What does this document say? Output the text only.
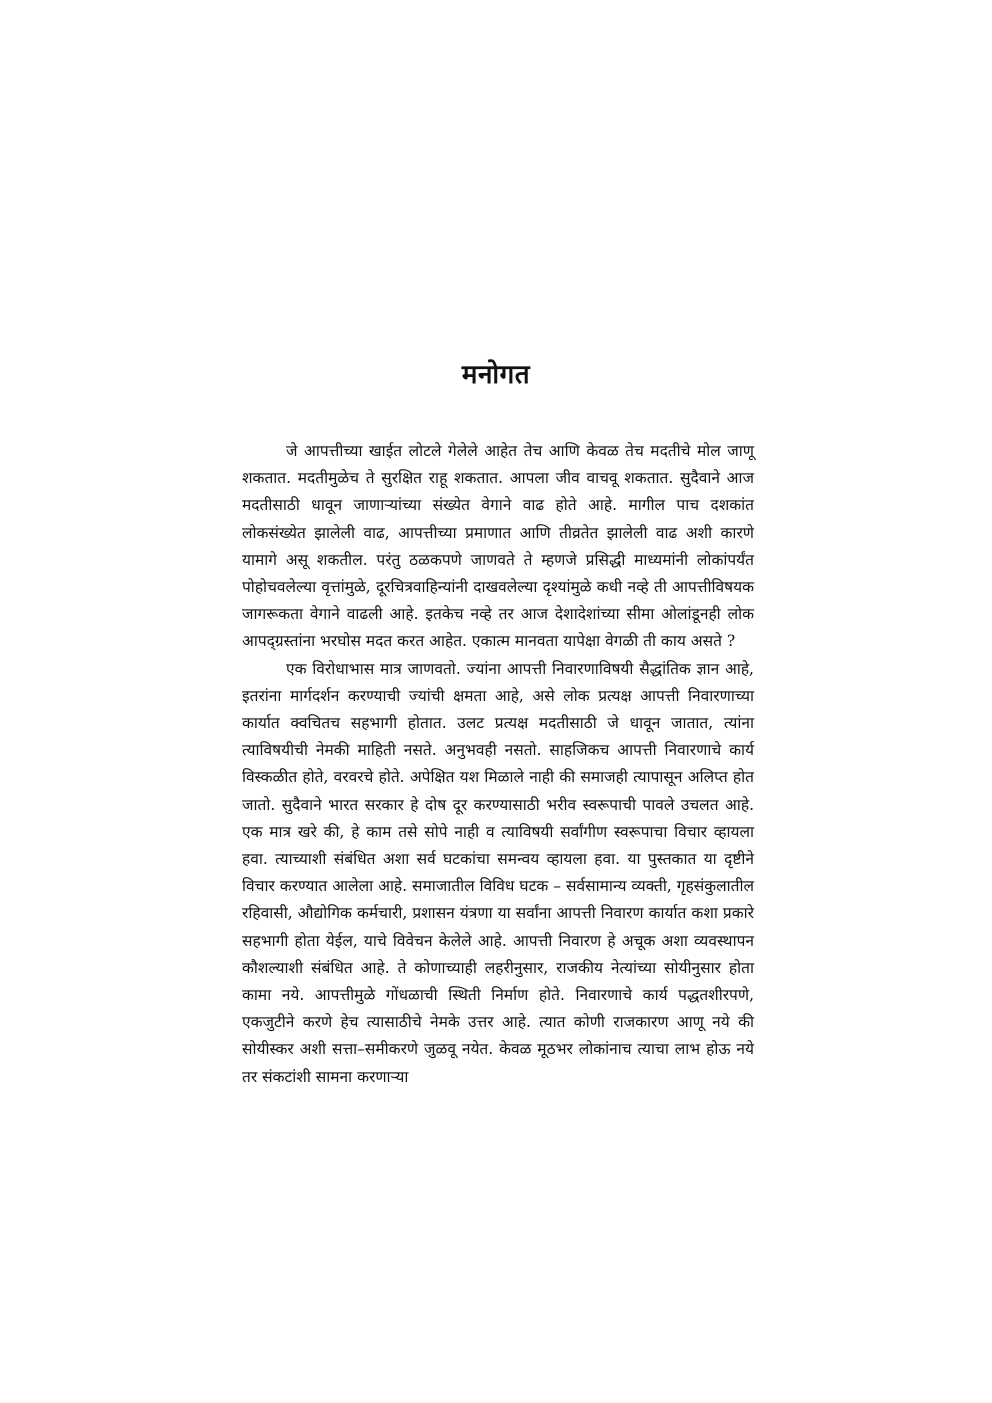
मनोगत

जे आपत्तीच्या खाईत लोटले गेलेले आहेत तेच आणि केवळ तेच मदतीचे मोल जाणू शकतात. मदतीमुळेच ते सुरक्षित राहू शकतात. आपला जीव वाचवू शकतात. सुदैवाने आज मदतीसाठी धावून जाणाऱ्यांच्या संख्येत वेगाने वाढ होते आहे. मागील पाच दशकांत लोकसंख्येत झालेली वाढ, आपत्तीच्या प्रमाणात आणि तीव्रतेत झालेली वाढ अशी कारणे यामागे असू शकतील. परंतु ठळकपणे जाणवते ते म्हणजे प्रसिद्धी माध्यमांनी लोकांपर्यंत पोहोचवलेल्या वृत्तांमुळे, दूरचित्रवाहिन्यांनी दाखवलेल्या दृश्यांमुळे कधी नव्हे ती आपत्तीविषयक जागरूकता वेगाने वाढली आहे. इतकेच नव्हे तर आज देशादेशांच्या सीमा ओलांडूनही लोक आपद्ग्रस्तांना भरघोस मदत करत आहेत. एकात्म मानवता यापेक्षा वेगळी ती काय असते ?

एक विरोधाभास मात्र जाणवतो. ज्यांना आपत्ती निवारणाविषयी सैद्धांतिक ज्ञान आहे, इतरांना मार्गदर्शन करण्याची ज्यांची क्षमता आहे, असे लोक प्रत्यक्ष आपत्ती निवारणाच्या कार्यात क्वचितच सहभागी होतात. उलट प्रत्यक्ष मदतीसाठी जे धावून जातात, त्यांना त्याविषयीची नेमकी माहिती नसते. अनुभवही नसतो. साहजिकच आपत्ती निवारणाचे कार्य विस्कळीत होते, वरवरचे होते. अपेक्षित यश मिळाले नाही की समाजही त्यापासून अलिप्त होत जातो. सुदैवाने भारत सरकार हे दोष दूर करण्यासाठी भरीव स्वरूपाची पावले उचलत आहे. एक मात्र खरे की, हे काम तसे सोपे नाही व त्याविषयी सर्वांगीण स्वरूपाचा विचार व्हायला हवा. त्याच्याशी संबंधित अशा सर्व घटकांचा समन्वय व्हायला हवा. या पुस्तकात या दृष्टीने विचार करण्यात आलेला आहे. समाजातील विविध घटक – सर्वसामान्य व्यक्ती, गृहसंकुलातील रहिवासी, औद्योगिक कर्मचारी, प्रशासन यंत्रणा या सर्वांना आपत्ती निवारण कार्यात कशा प्रकारे सहभागी होता येईल, याचे विवेचन केलेले आहे. आपत्ती निवारण हे अचूक अशा व्यवस्थापन कौशल्याशी संबंधित आहे. ते कोणाच्याही लहरीनुसार, राजकीय नेत्यांच्या सोयीनुसार होता कामा नये. आपत्तीमुळे गोंधळाची स्थिती निर्माण होते. निवारणाचे कार्य पद्धतशीरपणे, एकजुटीने करणे हेच त्यासाठीचे नेमके उत्तर आहे. त्यात कोणी राजकारण आणू नये की सोयीस्कर अशी सत्ता–समीकरणे जुळवू नयेत. केवळ मूठभर लोकांनाच त्याचा लाभ होऊ नये तर संकटांशी सामना करणाऱ्या
